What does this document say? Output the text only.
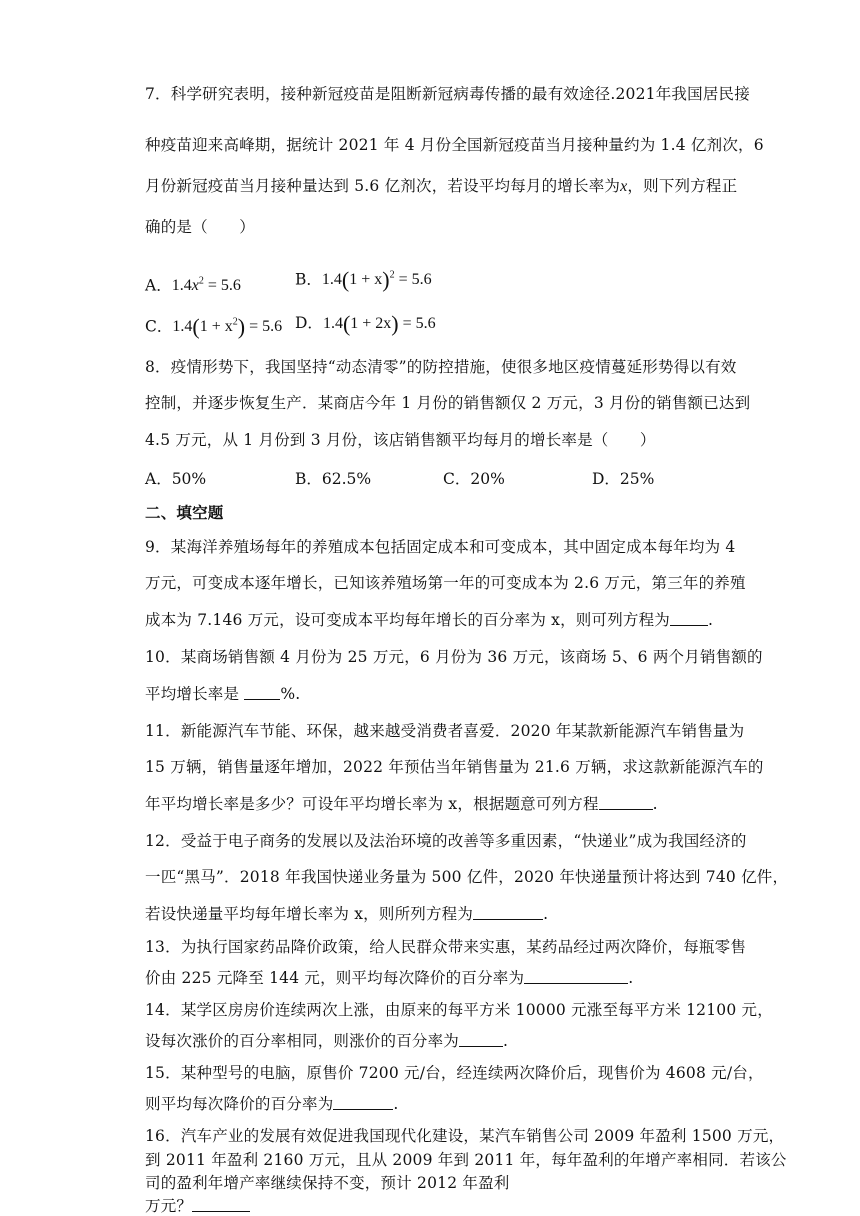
7．科学研究表明，接种新冠疫苗是阻断新冠病毒传播的最有效途径.2021年我国居民接
种疫苗迎来高峰期，据统计 2021 年 4 月份全国新冠疫苗当月接种量约为 1.4 亿剂次，6
月份新冠疫苗当月接种量达到 5.6 亿剂次，若设平均每月的增长率为x，则下列方程正
确的是（　　）
A．$1.4x^2 = 5.6$	B．$1.4(1 + x)^2 = 5.6$
C．$1.4(1 + x^2) = 5.6$ D．1.4(1 + 2x) = 5.6
8．疫情形势下，我国坚持“动态清零”的防控措施，使很多地区疫情蔓延形势得以有效
控制，并逐步恢复生产．某商店今年 1 月份的销售额仅 2 万元，3 月份的销售额已达到
4.5 万元，从 1 月份到 3 月份，该店销售额平均每月的增长率是（　　）
A．50%	B．62.5%	C．20%	D．25%
二、填空题
9．某海洋养殖场每年的养殖成本包括固定成本和可变成本，其中固定成本每年均为 4
万元，可变成本逐年增长，已知该养殖场第一年的可变成本为 2.6 万元，第三年的养殖
成本为 7.146 万元，设可变成本平均每年增长的百分率为 x，则可列方程为 .
10．某商场销售额 4 月份为 25 万元，6 月份为 36 万元，该商场 5、6 两个月销售额的
平均增长率是 %.
11．新能源汽车节能、环保，越来越受消费者喜爱．2020 年某款新能源汽车销售量为
15 万辆，销售量逐年增加，2022 年预估当年销售量为 21.6 万辆，求这款新能源汽车的
年平均增长率是多少？可设年平均增长率为 x，根据题意可列方程	.
12．受益于电子商务的发展以及法治环境的改善等多重因素，“快递业”成为我国经济的
一匹“黑马”．2018 年我国快递业务量为 500 亿件，2020 年快递量预计将达到 740 亿件，
若设快递量平均每年增长率为 x，则所列方程为	.
13．为执行国家药品降价政策，给人民群众带来实惠，某药品经过两次降价，每瓶零售
价由 225 元降至 144 元，则平均每次降价的百分率为	.
14．某学区房房价连续两次上涨，由原来的每平方米 10000 元涨至每平方米 12100 元，
设每次涨价的百分率相同，则涨价的百分率为	.
15．某种型号的电脑，原售价 7200 元/台，经连续两次降价后，现售价为 4608 元/台，
则平均每次降价的百分率为	.
16．汽车产业的发展有效促进我国现代化建设，某汽车销售公司 2009 年盈利 1500 万元，
到 2011 年盈利 2160 万元，且从 2009 年到 2011 年，每年盈利的年增产率相同．若该公
司的盈利年增产率继续保持不变，预计 2012 年盈利
万元？
